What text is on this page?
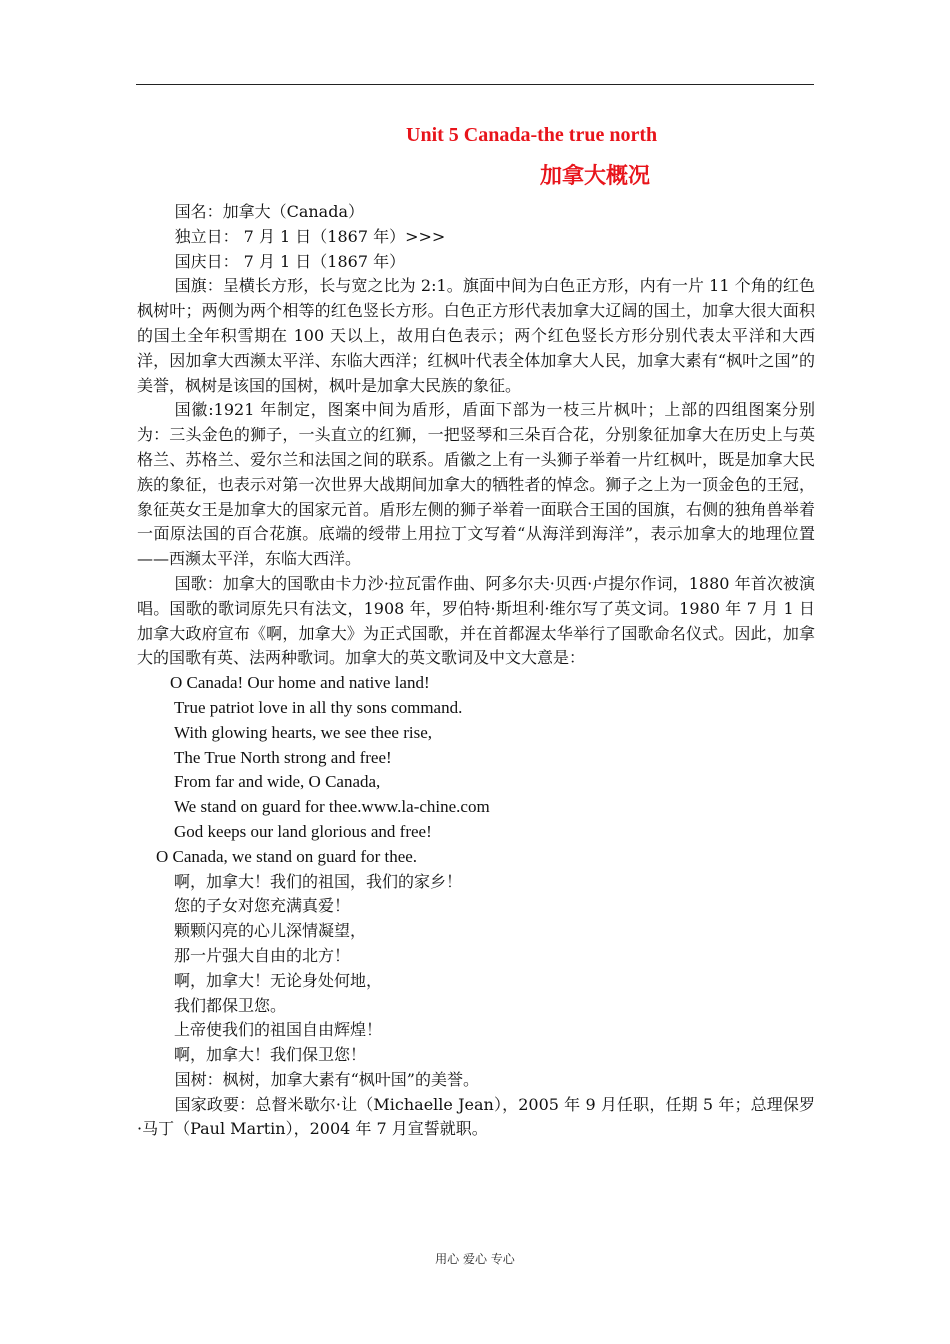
Unit 5 Canada-the true north
加拿大概况

国名：加拿大（Canada）

独立日： 7 月 1 日（1867 年）>>>

国庆日： 7 月 1 日（1867 年）

国旗：呈横长方形，长与宽之比为 2:1。旗面中间为白色正方形，内有一片 11 个角的红色枫树叶；两侧为两个相等的红色竖长方形。白色正方形代表加拿大辽阔的国土，加拿大很大面积的国土全年积雪期在 100 天以上，故用白色表示；两个红色竖长方形分别代表太平洋和大西洋，因加拿大西濒太平洋、东临大西洋；红枫叶代表全体加拿大人民，加拿大素有“枫叶之国”的美誉，枫树是该国的国树，枫叶是加拿大民族的象征。

国徽:1921 年制定，图案中间为盾形，盾面下部为一枝三片枫叶；上部的四组图案分别为：三头金色的狮子，一头直立的红狮，一把竖琴和三朵百合花，分别象征加拿大在历史上与英格兰、苏格兰、爱尔兰和法国之间的联系。盾徽之上有一头狮子举着一片红枫叶，既是加拿大民族的象征，也表示对第一次世界大战期间加拿大的牺牲者的悼念。狮子之上为一顶金色的王冠，象征英女王是加拿大的国家元首。盾形左侧的狮子举着一面联合王国的国旗，右侧的独角兽举着一面原法国的百合花旗。底端的绶带上用拉丁文写着“从海洋到海洋”，表示加拿大的地理位置——西濒太平洋，东临大西洋。

国歌：加拿大的国歌由卡力沙·拉瓦雷作曲、阿多尔夫·贝西·卢提尔作词，1880 年首次被演唱。国歌的歌词原先只有法文，1908 年，罗伯特·斯坦利·维尔写了英文词。1980 年 7 月 1 日加拿大政府宣布《啊，加拿大》为正式国歌，并在首都渥太华举行了国歌命名仪式。因此，加拿大的国歌有英、法两种歌词。加拿大的英文歌词及中文大意是：

O Canada! Our home and native land!

True patriot love in all thy sons command.

With glowing hearts, we see thee rise,

The True North strong and free!

From far and wide, O Canada,

We stand on guard for thee.www.la-chine.com

God keeps our land glorious and free!

O Canada, we stand on guard for thee.

啊，加拿大！我们的祖国，我们的家乡！

您的子女对您充满真爱！

颗颗闪亮的心儿深情凝望，

那一片强大自由的北方！

啊，加拿大！无论身处何地，

我们都保卫您。

上帝使我们的祖国自由辉煌！

啊，加拿大！我们保卫您！

国树：枫树，加拿大素有“枫叶国”的美誉。

国家政要：总督米歇尔·让（Michaelle Jean），2005 年 9 月任职，任期 5 年；总理保罗·马丁（Paul Martin），2004 年 7 月宣誓就职。

用心 爱心 专心
